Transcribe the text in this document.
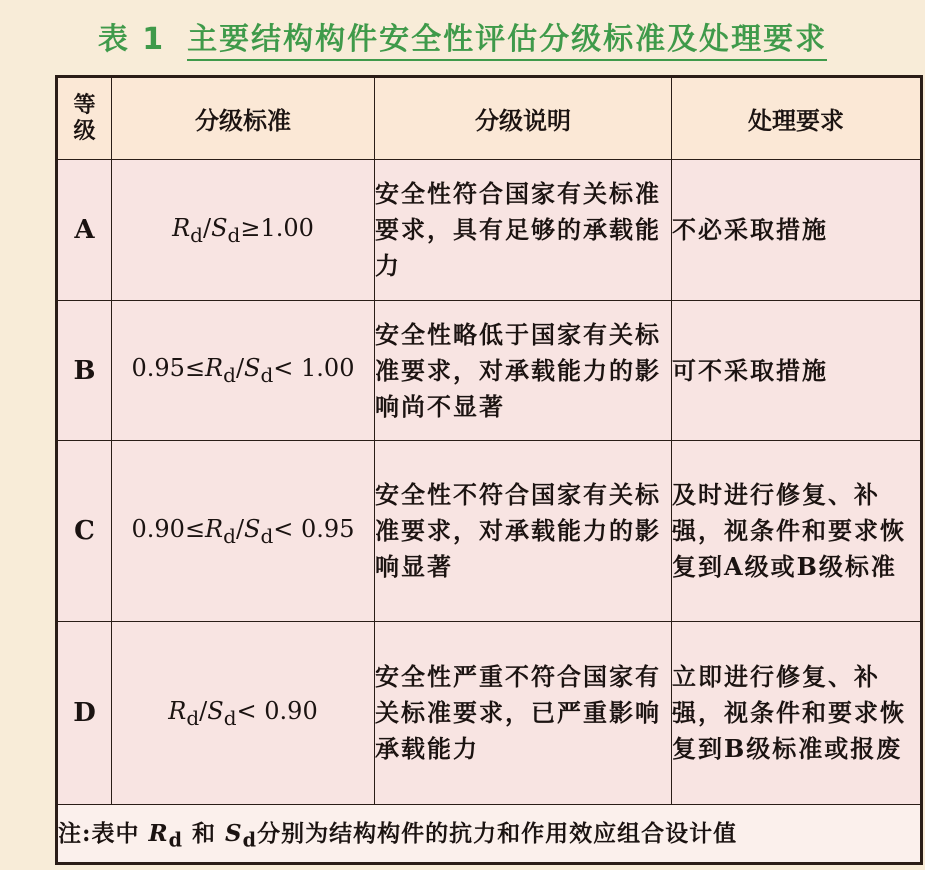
表 1 主要结构构件安全性评估分级标准及处理要求
等
级	分级标准	分级说明	处理要求
A	$R_d/S_d\ge 1.00$	安全性符合国家有关标准要求，具有足够的承载能力	不必采取措施
B	$0.95\le R_d/S_d< 1.00$	安全性略低于国家有关标准要求，对承载能力的影响尚不显著	可不采取措施
C	$0.90\le R_d/S_d< 0.95$	安全性不符合国家有关标准要求，对承载能力的影响显著	及时进行修复、补强，视条件和要求恢复到A级或B级标准
D	$R_d/S_d< 0.90$	安全性严重不符合国家有关标准要求，已严重影响承载能力	立即进行修复、补强，视条件和要求恢复到B级标准或报废
注:表中 $R_d$ 和 $S_d$分别为结构构件的抗力和作用效应组合设计值			
